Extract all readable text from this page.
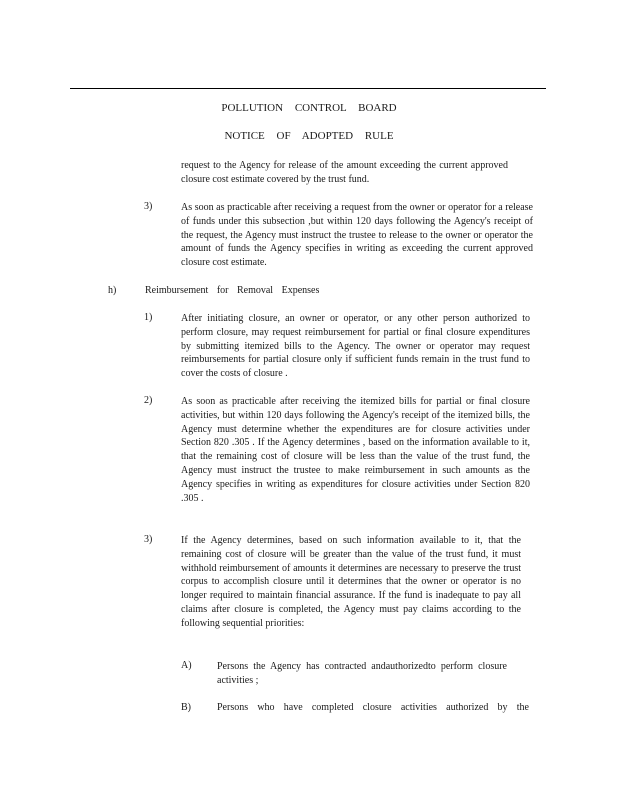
POLLUTION CONTROL BOARD
NOTICE OF ADOPTED RULE
request to the Agency for release of the amount exceeding the current approved closure cost estimate covered by the trust fund.
3)	As soon as practicable after receiving a request from the owner or operator for a release of funds under this subsection ,but within 120 days following the Agency's receipt of the request, the Agency must instruct the trustee to release to the owner or operator the amount of funds the Agency specifies in writing as exceeding the current approved closure cost estimate.
h)	Reimbursement for Removal Expenses
1)	After initiating closure, an owner or operator, or any other person authorized to perform closure, may request reimbursement for partial or final closure expenditures by submitting itemized bills to the Agency. The owner or operator may request reimbursements for partial closure only if sufficient funds remain in the trust fund to cover the costs of closure .
2)	As soon as practicable after receiving the itemized bills for partial or final closure activities, but within 120 days following the Agency's receipt of the itemized bills, the Agency must determine whether the expenditures are for closure activities under Section 820 .305 . If the Agency determines , based on the information available to it, that the remaining cost of closure will be less than the value of the trust fund, the Agency must instruct the trustee to make reimbursement in such amounts as the Agency specifies in writing as expenditures for closure activities under Section 820 .305 .
3)	If the Agency determines, based on such information available to it, that the remaining cost of closure will be greater than the value of the trust fund, it must withhold reimbursement of amounts it determines are necessary to preserve the trust corpus to accomplish closure until it determines that the owner or operator is no longer required to maintain financial assurance. If the fund is inadequate to pay all claims after closure is completed, the Agency must pay claims according to the following sequential priorities:
A)	Persons the Agency has contracted andauthorizedto perform closure activities ;
B)	Persons who have completed closure activities authorized by the
